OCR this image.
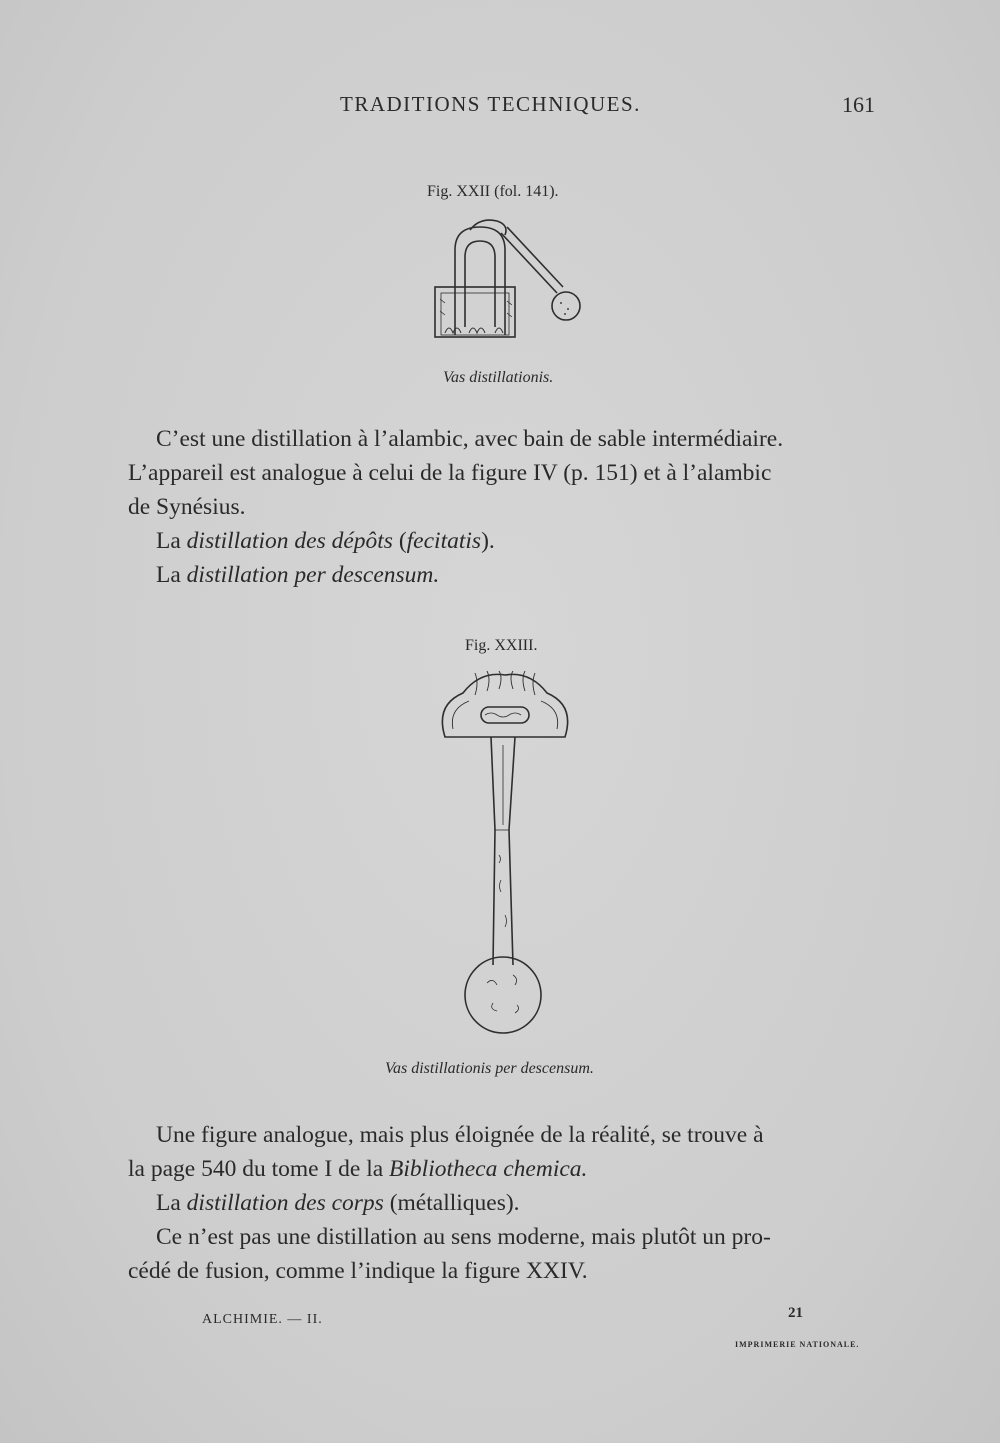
TRADITIONS TECHNIQUES.	161
Fig. XXII (fol. 141).
Vas distillationis.
C’est une distillation à l’alambic, avec bain de sable intermédiaire.
L’appareil est analogue à celui de la figure IV (p. 151) et à l’alambic
de Synésius.
La distillation des dépôts (fecitatis).
La distillation per descensum.
Fig. XXIII.
Vas distillationis per descensum.
Une figure analogue, mais plus éloignée de la réalité, se trouve à
la page 540 du tome I de la Bibliotheca chemica.
La distillation des corps (métalliques).
Ce n’est pas une distillation au sens moderne, mais plutôt un pro-
cédé de fusion, comme l’indique la figure XXIV.
ALCHIMIE. — II.	21
IMPRIMERIE NATIONALE.
